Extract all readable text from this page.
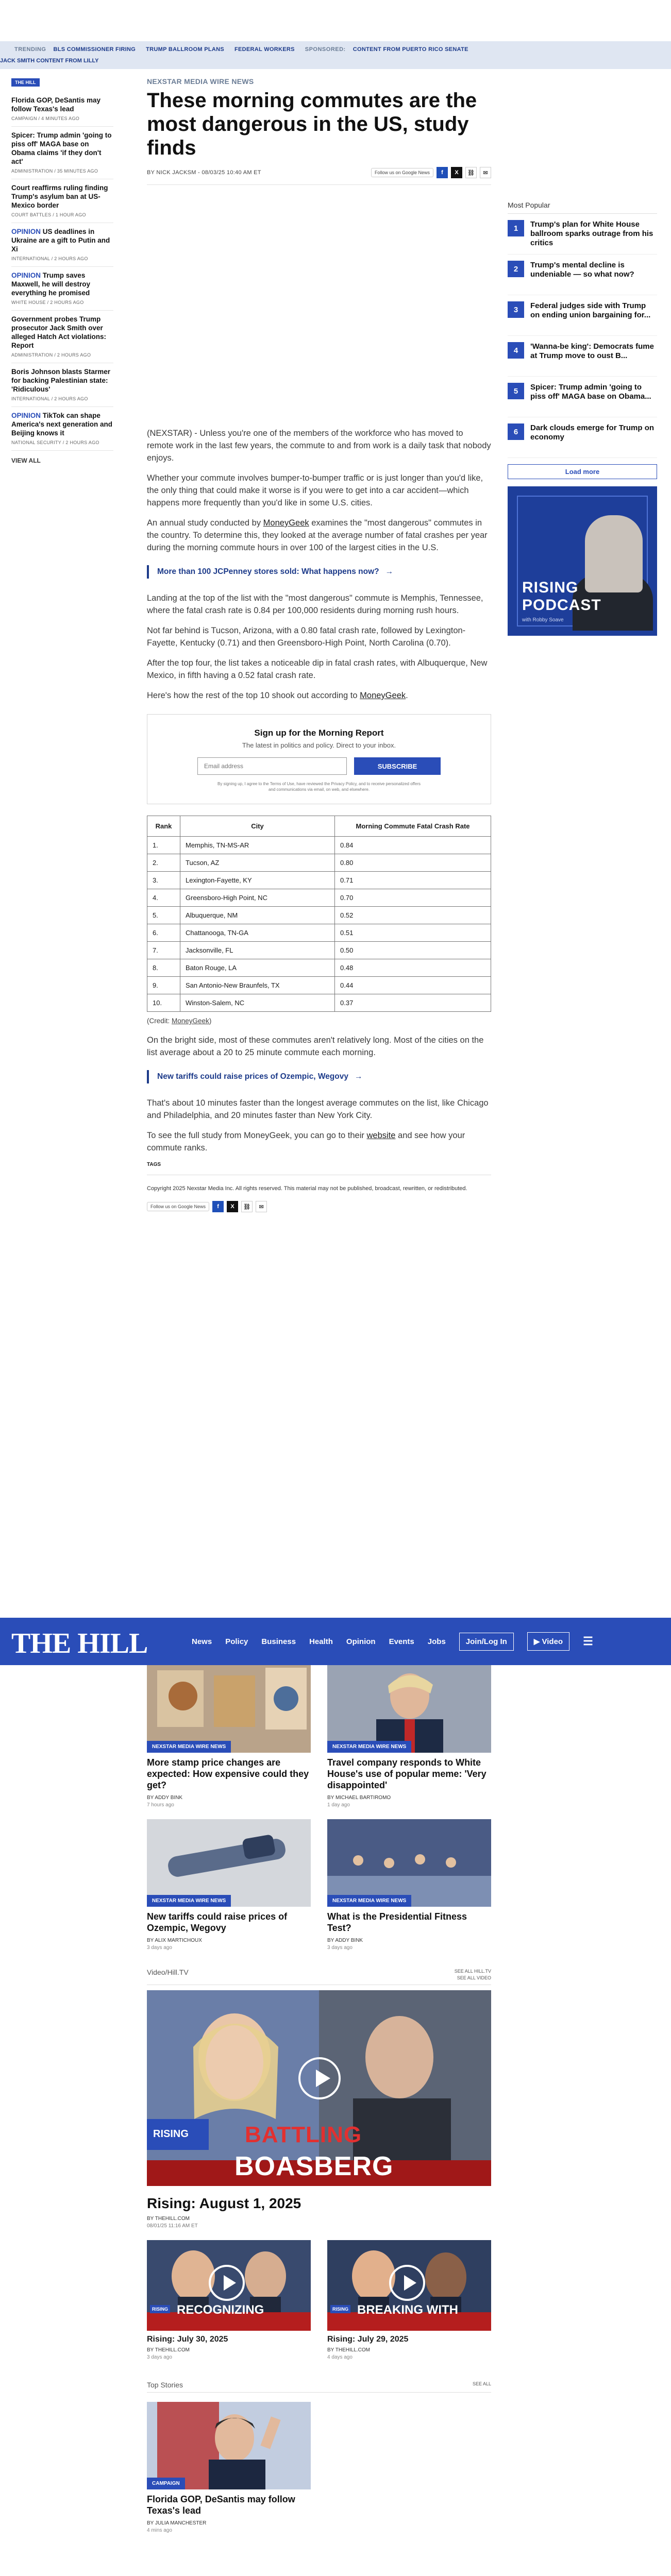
TRENDING BLS COMMISSIONER FIRING TRUMP BALLROOM PLANS FEDERAL WORKERS SPONSORED: CONTENT FROM PUERTO RICO SENATE
JACK SMITH CONTENT FROM LILLY
THE HILL
Florida GOP, DeSantis may follow Texas's lead
CAMPAIGN / 4 MINUTES AGO
Spicer: Trump admin 'going to piss off' MAGA base on Obama claims 'if they don't act'
ADMINISTRATION / 35 MINUTES AGO
Court reaffirms ruling finding Trump's asylum ban at US-Mexico border
COURT BATTLES / 1 HOUR AGO
OPINION US deadlines in Ukraine are a gift to Putin and Xi
INTERNATIONAL / 2 HOURS AGO
OPINION Trump saves Maxwell, he will destroy everything he promised
WHITE HOUSE / 2 HOURS AGO
Government probes Trump prosecutor Jack Smith over alleged Hatch Act violations: Report
ADMINISTRATION / 2 HOURS AGO
Boris Johnson blasts Starmer for backing Palestinian state: 'Ridiculous'
INTERNATIONAL / 2 HOURS AGO
OPINION TikTok can shape America's next generation and Beijing knows it
NATIONAL SECURITY / 2 HOURS AGO
VIEW ALL
NEXSTAR MEDIA WIRE NEWS
These morning commutes are the most dangerous in the US, study finds
BY NICK JACKSM - 08/03/25 10:40 AM ET	Follow us on Google News	f	X	⛓	✉

(NEXSTAR) - Unless you're one of the members of the workforce who has moved to remote work in the last few years, the commute to and from work is a daily task that nobody enjoys.

Whether your commute involves bumper-to-bumper traffic or is just longer than you'd like, the only thing that could make it worse is if you were to get into a car accident—which happens more frequently than you'd like in some U.S. cities.

An annual study conducted by MoneyGeek examines the "most dangerous" commutes in the country. To determine this, they looked at the average number of fatal crashes per year during the morning commute hours in over 100 of the largest cities in the U.S.

More than 100 JCPenney stores sold: What happens now? →

Landing at the top of the list with the "most dangerous" commute is Memphis, Tennessee, where the fatal crash rate is 0.84 per 100,000 residents during morning rush hours.

Not far behind is Tucson, Arizona, with a 0.80 fatal crash rate, followed by Lexington-Fayette, Kentucky (0.71) and then Greensboro-High Point, North Carolina (0.70).

After the top four, the list takes a noticeable dip in fatal crash rates, with Albuquerque, New Mexico, in fifth having a 0.52 fatal crash rate.

Here's how the rest of the top 10 shook out according to MoneyGeek.

Sign up for the Morning Report
The latest in politics and policy. Direct to your inbox.
Email address
SUBSCRIBE
By signing up, I agree to the Terms of Use, have reviewed the Privacy Policy, and to receive personalized offers and communications via email, on web, and elsewhere.
Rank	City	Morning Commute Fatal Crash Rate
1.	Memphis, TN-MS-AR	0.84
2.	Tucson, AZ	0.80
3.	Lexington-Fayette, KY	0.71
4.	Greensboro-High Point, NC	0.70
5.	Albuquerque, NM	0.52
6.	Chattanooga, TN-GA	0.51
7.	Jacksonville, FL	0.50
8.	Baton Rouge, LA	0.48
9.	San Antonio-New Braunfels, TX	0.44
10.	Winston-Salem, NC	0.37
(Credit: MoneyGeek)

On the bright side, most of these commutes aren't relatively long. Most of the cities on the list average about a 20 to 25 minute commute each morning.

New tariffs could raise prices of Ozempic, Wegovy →

That's about 10 minutes faster than the longest average commutes on the list, like Chicago and Philadelphia, and 20 minutes faster than New York City.

To see the full study from MoneyGeek, you can go to their website and see how your commute ranks.

TAGS
Copyright 2025 Nexstar Media Inc. All rights reserved. This material may not be published, broadcast, rewritten, or redistributed.
Follow us on Google News	f	X	⛓	✉
Most Popular
1	Trump's plan for White House ballroom sparks outrage from his critics
2	Trump's mental decline is undeniable — so what now?
3	Federal judges side with Trump on ending union bargaining for...
4	'Wanna-be king': Democrats fume at Trump move to oust B...
5	Spicer: Trump admin 'going to piss off' MAGA base on Obama...
6	Dark clouds emerge for Trump on economy
Load more
RISING
PODCAST
with Robby Soave
THE HILL	News Policy Business Health Opinion Events Jobs	Join/Log In	▶ Video	☰
NEXSTAR MEDIA WIRE NEWS
More stamp price changes are expected: How expensive could they get?
BY ADDY BINK
7 hours ago
NEXSTAR MEDIA WIRE NEWS
Travel company responds to White House's use of popular meme: 'Very disappointed'
BY MICHAEL BARTIROMO
1 day ago
NEXSTAR MEDIA WIRE NEWS
New tariffs could raise prices of Ozempic, Wegovy
BY ALIX MARTICHOUX
3 days ago
NEXSTAR MEDIA WIRE NEWS
What is the Presidential Fitness Test?
BY ADDY BINK
3 days ago
Video/Hill.TV	SEE ALL HILL.TV
SEE ALL VIDEO
BATTLING
BOASBERG
RISING
Rising: August 1, 2025
BY THEHILL.COM
08/01/25 11:16 AM ET
RECOGNIZING
RISING
Rising: July 30, 2025
BY THEHILL.COM
3 days ago
BREAKING WITH
RISING
Rising: July 29, 2025
BY THEHILL.COM
4 days ago
Top Stories	SEE ALL
CAMPAIGN
Florida GOP, DeSantis may follow Texas's lead
BY JULIA MANCHESTER
4 mins ago
